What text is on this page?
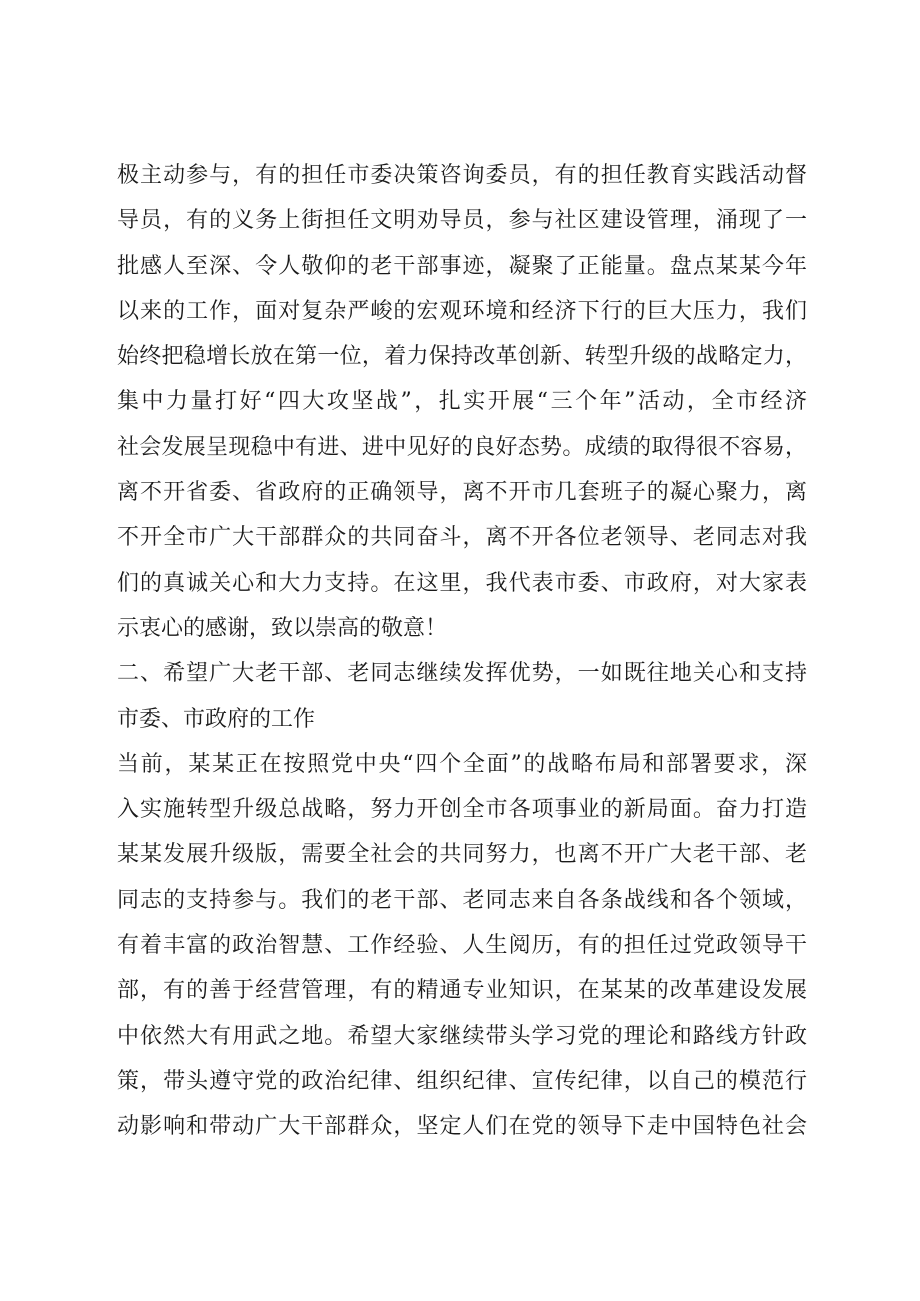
极主动参与，有的担任市委决策咨询委员，有的担任教育实践活动督
导员，有的义务上街担任文明劝导员，参与社区建设管理，涌现了一
批感人至深、令人敬仰的老干部事迹，凝聚了正能量。盘点某某今年
以来的工作，面对复杂严峻的宏观环境和经济下行的巨大压力，我们
始终把稳增长放在第一位，着力保持改革创新、转型升级的战略定力，
集中力量打好“四大攻坚战”，扎实开展“三个年”活动，全市经济
社会发展呈现稳中有进、进中见好的良好态势。成绩的取得很不容易，
离不开省委、省政府的正确领导，离不开市几套班子的凝心聚力，离
不开全市广大干部群众的共同奋斗，离不开各位老领导、老同志对我
们的真诚关心和大力支持。在这里，我代表市委、市政府，对大家表
示衷心的感谢，致以崇高的敬意！
二、希望广大老干部、老同志继续发挥优势，一如既往地关心和支持
市委、市政府的工作
当前，某某正在按照党中央“四个全面”的战略布局和部署要求，深
入实施转型升级总战略，努力开创全市各项事业的新局面。奋力打造
某某发展升级版，需要全社会的共同努力，也离不开广大老干部、老
同志的支持参与。我们的老干部、老同志来自各条战线和各个领域，
有着丰富的政治智慧、工作经验、人生阅历，有的担任过党政领导干
部，有的善于经营管理，有的精通专业知识，在某某的改革建设发展
中依然大有用武之地。希望大家继续带头学习党的理论和路线方针政
策，带头遵守党的政治纪律、组织纪律、宣传纪律，以自己的模范行
动影响和带动广大干部群众，坚定人们在党的领导下走中国特色社会
